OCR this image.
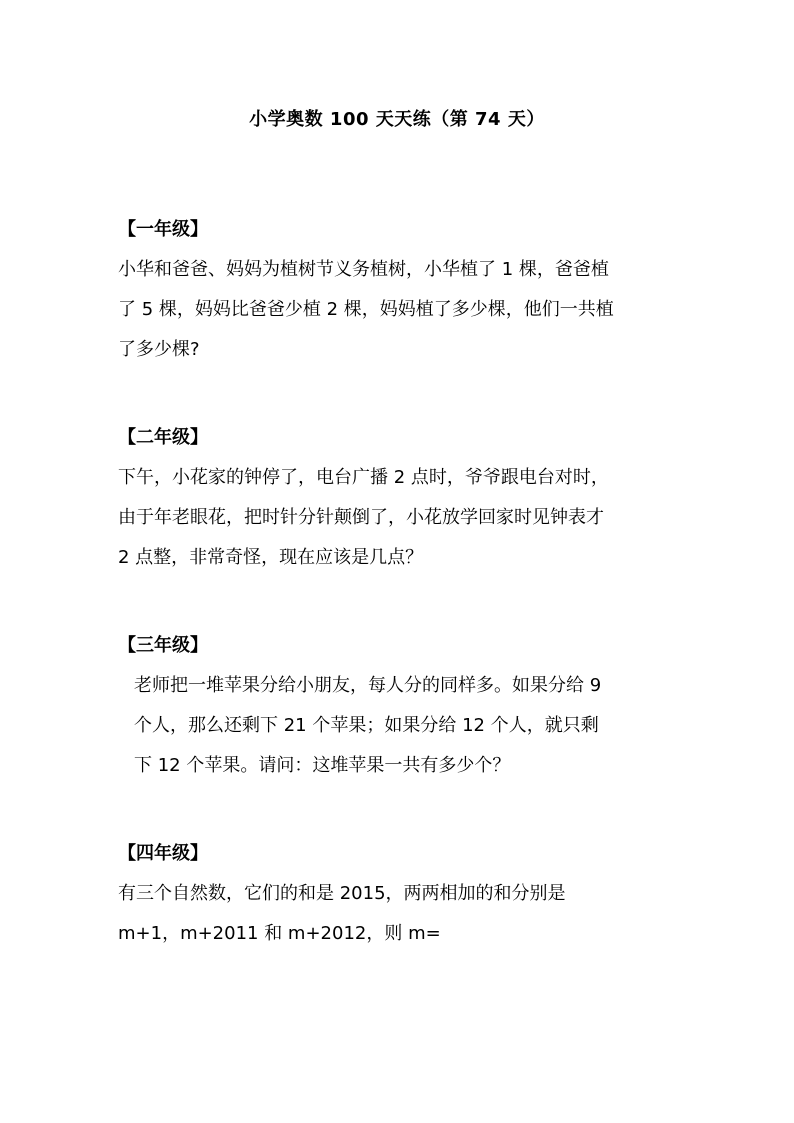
小学奥数 100 天天练（第 74 天）
【一年级】
小华和爸爸、妈妈为植树节义务植树，小华植了 1 棵，爸爸植
了 5 棵，妈妈比爸爸少植 2 棵，妈妈植了多少棵，他们一共植
了多少棵?
【二年级】
下午，小花家的钟停了，电台广播 2 点时，爷爷跟电台对时，
由于年老眼花，把时针分针颠倒了，小花放学回家时见钟表才
2 点整，非常奇怪，现在应该是几点？
【三年级】
老师把一堆苹果分给小朋友，每人分的同样多。如果分给 9
个人，那么还剩下 21 个苹果；如果分给 12 个人，就只剩
下 12 个苹果。请问：这堆苹果一共有多少个？
【四年级】
有三个自然数，它们的和是 2015，两两相加的和分别是
m+1，m+2011 和 m+2012，则 m=
